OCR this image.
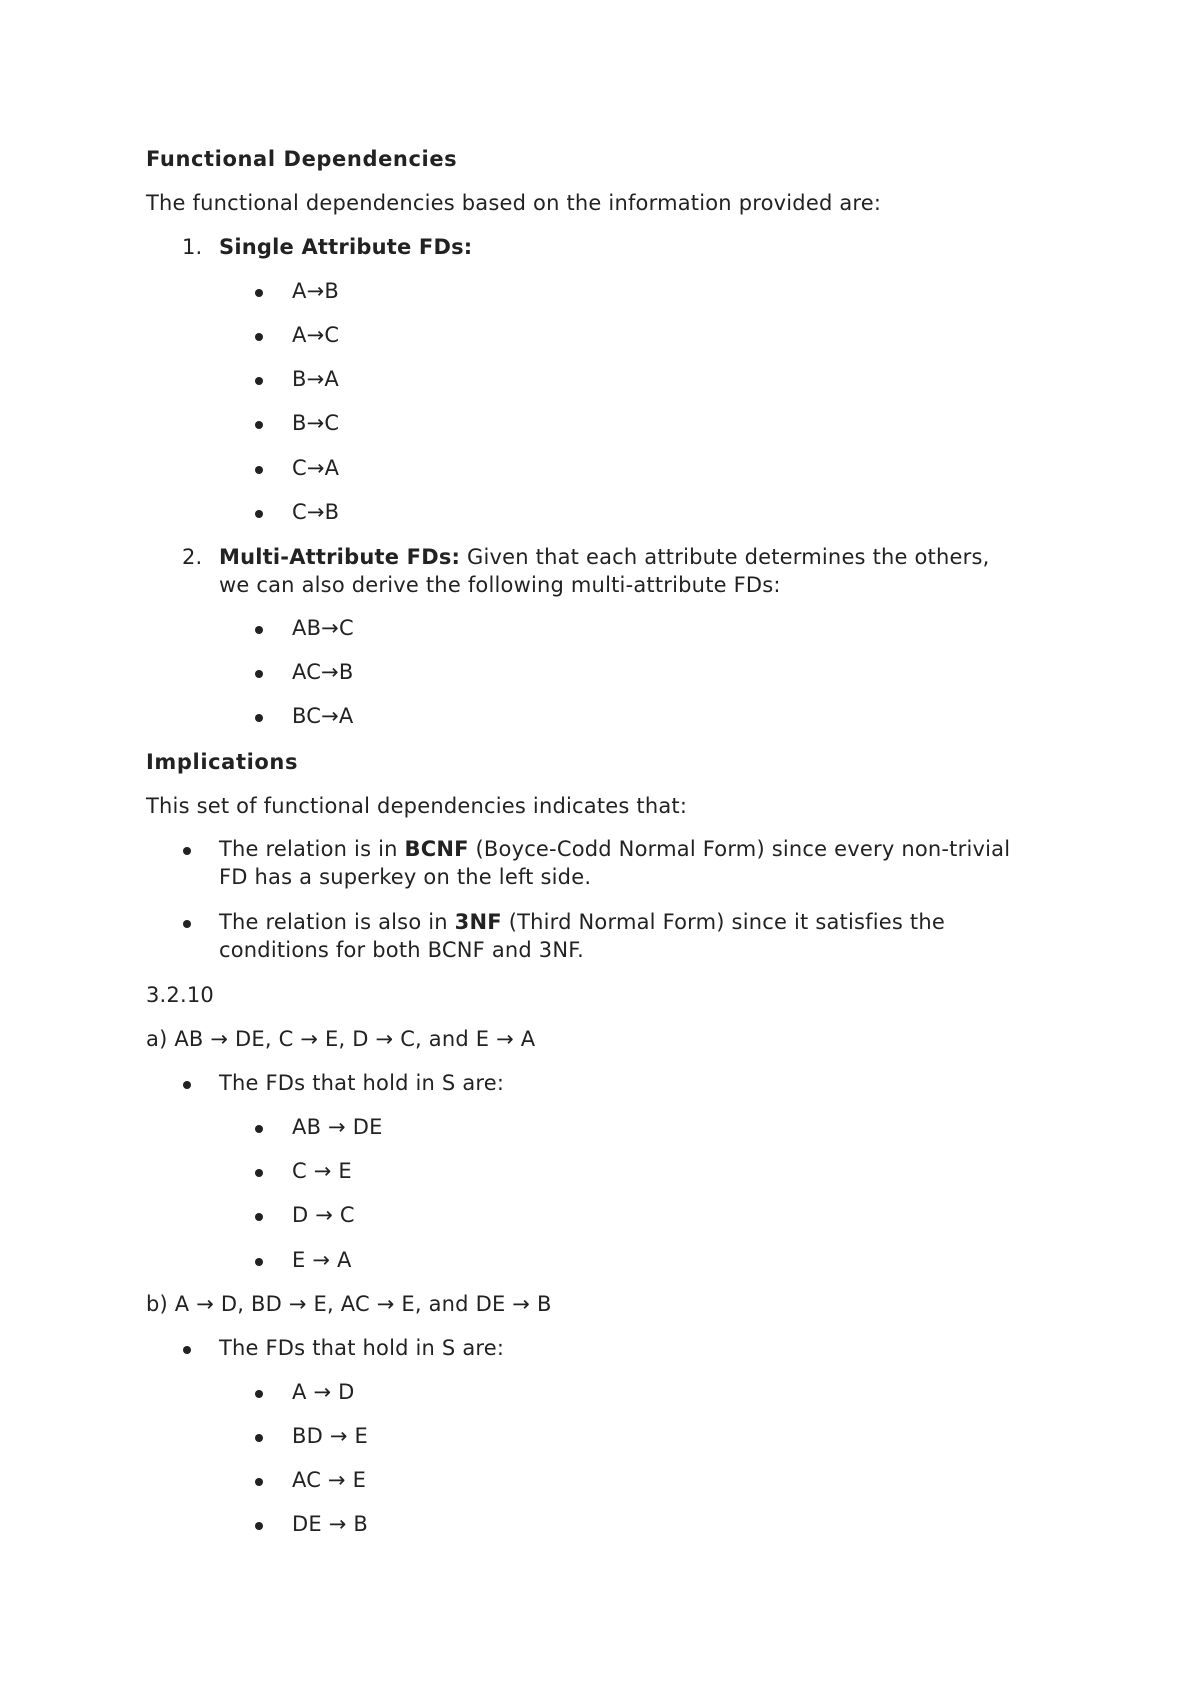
Functional Dependencies
The functional dependencies based on the information provided are:
1. Single Attribute FDs:
A→B
A→C
B→A
B→C
C→A
C→B
2. Multi-Attribute FDs: Given that each attribute determines the others,
we can also derive the following multi-attribute FDs:
AB→C
AC→B
BC→A
Implications
This set of functional dependencies indicates that:
The relation is in BCNF (Boyce-Codd Normal Form) since every non-trivial
FD has a superkey on the left side.
The relation is also in 3NF (Third Normal Form) since it satisfies the
conditions for both BCNF and 3NF.
3.2.10
a) AB → DE, C → E, D → C, and E → A
The FDs that hold in S are:
AB → DE
C → E
D → C
E → A
b) A → D, BD → E, AC → E, and DE → B
The FDs that hold in S are:
A → D
BD → E
AC → E
DE → B
